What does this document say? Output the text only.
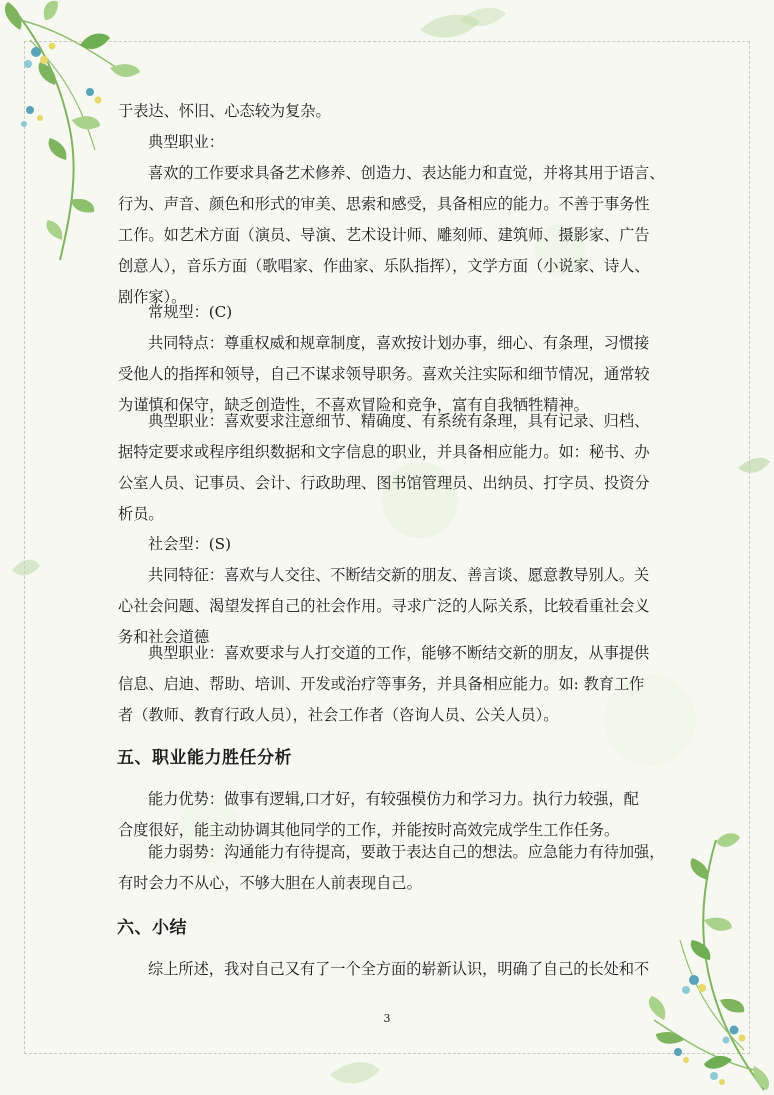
于表达、怀旧、心态较为复杂。

典型职业：

喜欢的工作要求具备艺术修养、创造力、表达能力和直觉，并将其用于语言、
行为、声音、颜色和形式的审美、思索和感受，具备相应的能力。不善于事务性
工作。如艺术方面（演员、导演、艺术设计师、雕刻师、建筑师、摄影家、广告
创意人），音乐方面（歌唱家、作曲家、乐队指挥），文学方面（小说家、诗人、
剧作家）。

常规型：(C)

共同特点：尊重权威和规章制度，喜欢按计划办事，细心、有条理，习惯接
受他人的指挥和领导，自己不谋求领导职务。喜欢关注实际和细节情况，通常较
为谨慎和保守，缺乏创造性，不喜欢冒险和竞争，富有自我牺牲精神。

典型职业：喜欢要求注意细节、精确度、有系统有条理，具有记录、归档、
据特定要求或程序组织数据和文字信息的职业，并具备相应能力。如：秘书、办
公室人员、记事员、会计、行政助理、图书馆管理员、出纳员、打字员、投资分
析员。

社会型：(S)

共同特征：喜欢与人交往、不断结交新的朋友、善言谈、愿意教导别人。关
心社会问题、渴望发挥自己的社会作用。寻求广泛的人际关系，比较看重社会义
务和社会道德

典型职业：喜欢要求与人打交道的工作，能够不断结交新的朋友，从事提供
信息、启迪、帮助、培训、开发或治疗等事务，并具备相应能力。如: 教育工作
者（教师、教育行政人员），社会工作者（咨询人员、公关人员）。

五、职业能力胜任分析

能力优势：做事有逻辑,口才好，有较强模仿力和学习力。执行力较强，配
合度很好，能主动协调其他同学的工作，并能按时高效完成学生工作任务。

能力弱势：沟通能力有待提高，要敢于表达自己的想法。应急能力有待加强，
有时会力不从心，不够大胆在人前表现自己。

六、小结

综上所述，我对自己又有了一个全方面的崭新认识，明确了自己的长处和不

3
